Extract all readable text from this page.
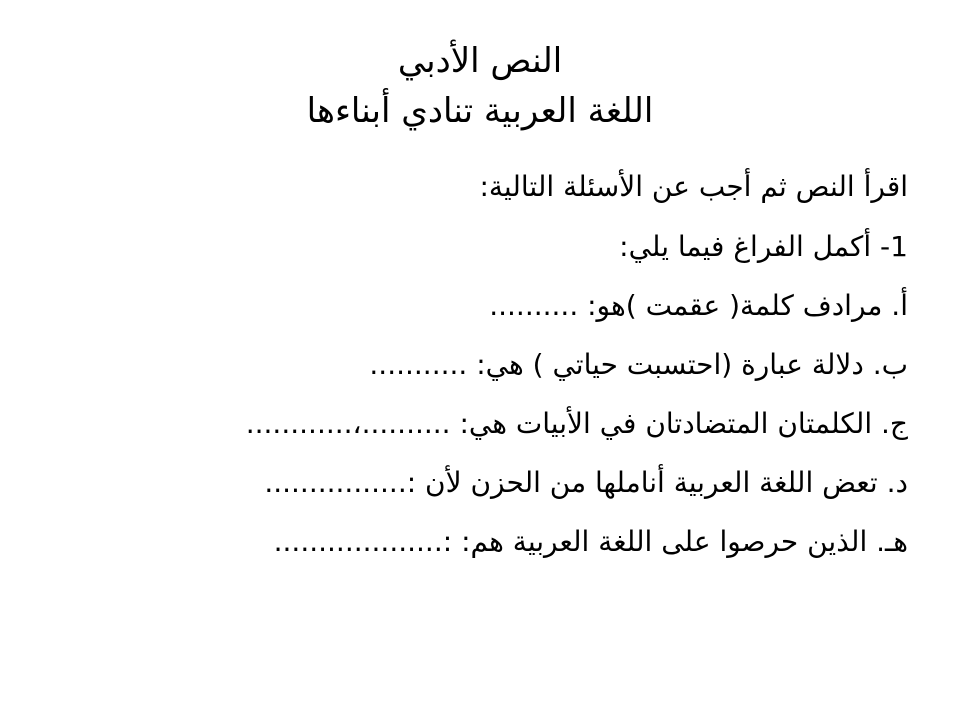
النص الأدبي
اللغة العربية تنادي أبناءها
اقرأ النص ثم أجب عن الأسئلة التالية:
1- أكمل الفراغ فيما يلي:
أ. مرادف كلمة( عقمت )هو: ..........
ب. دلالة عبارة (احتسبت حياتي ) هي: ...........
ج. الكلمتان المتضادتان في الأبيات هي: ..........،............
د. تعض اللغة العربية أناملها من الحزن لأن :................
هـ. الذين حرصوا على اللغة العربية هم: :...................
